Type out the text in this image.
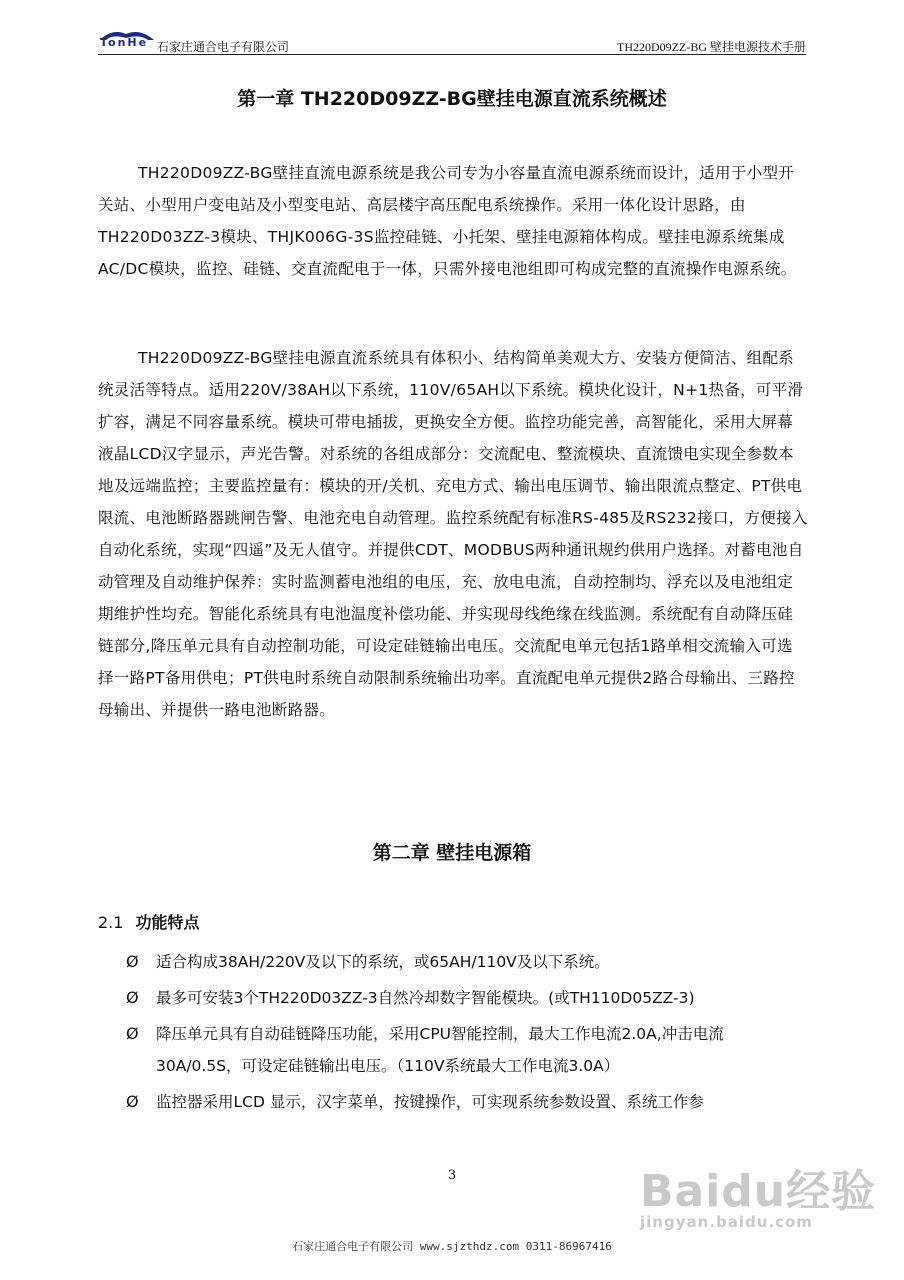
TonHe 石家庄通合电子有限公司	TH220D09ZZ-BG 壁挂电源技术手册
第一章 TH220D09ZZ-BG壁挂电源直流系统概述
TH220D09ZZ-BG壁挂直流电源系统是我公司专为小容量直流电源系统而设计，适用于小型开关站、小型用户变电站及小型变电站、高层楼宇高压配电系统操作。采用一体化设计思路，由TH220D03ZZ-3模块、THJK006G-3S监控硅链、小托架、壁挂电源箱体构成。壁挂电源系统集成AC/DC模块，监控、硅链、交直流配电于一体，只需外接电池组即可构成完整的直流操作电源系统。
TH220D09ZZ-BG壁挂电源直流系统具有体积小、结构简单美观大方、安装方便简洁、组配系统灵活等特点。适用220V/38AH以下系统，110V/65AH以下系统。模块化设计，N+1热备，可平滑扩容，满足不同容量系统。模块可带电插拔，更换安全方便。监控功能完善，高智能化，采用大屏幕液晶LCD汉字显示，声光告警。对系统的各组成部分：交流配电、整流模块、直流馈电实现全参数本地及远端监控；主要监控量有：模块的开/关机、充电方式、输出电压调节、输出限流点整定、PT供电限流、电池断路器跳闸告警、电池充电自动管理。监控系统配有标准RS-485及RS232接口，方便接入自动化系统，实现“四遥”及无人值守。并提供CDT、MODBUS两种通讯规约供用户选择。对蓄电池自动管理及自动维护保养：实时监测蓄电池组的电压，充、放电电流，自动控制均、浮充以及电池组定期维护性均充。智能化系统具有电池温度补偿功能、并实现母线绝缘在线监测。系统配有自动降压硅链部分,降压单元具有自动控制功能，可设定硅链输出电压。交流配电单元包括1路单相交流输入可选择一路PT备用供电；PT供电时系统自动限制系统输出功率。直流配电单元提供2路合母输出、三路控母输出、并提供一路电池断路器。
第二章 壁挂电源箱
2.1 功能特点
Ø 适合构成38AH/220V及以下的系统，或65AH/110V及以下系统。
Ø 最多可安装3个TH220D03ZZ-3自然冷却数字智能模块。(或TH110D05ZZ-3)
Ø 降压单元具有自动硅链降压功能，采用CPU智能控制，最大工作电流2.0A,冲击电流30A/0.5S，可设定硅链输出电压。（110V系统最大工作电流3.0A）
Ø 监控器采用LCD 显示，汉字菜单，按键操作，可实现系统参数设置、系统工作参
3	Baidu经验
jingyan.baidu.com
石家庄通合电子有限公司 www.sjzthdz.com 0311-86967416
